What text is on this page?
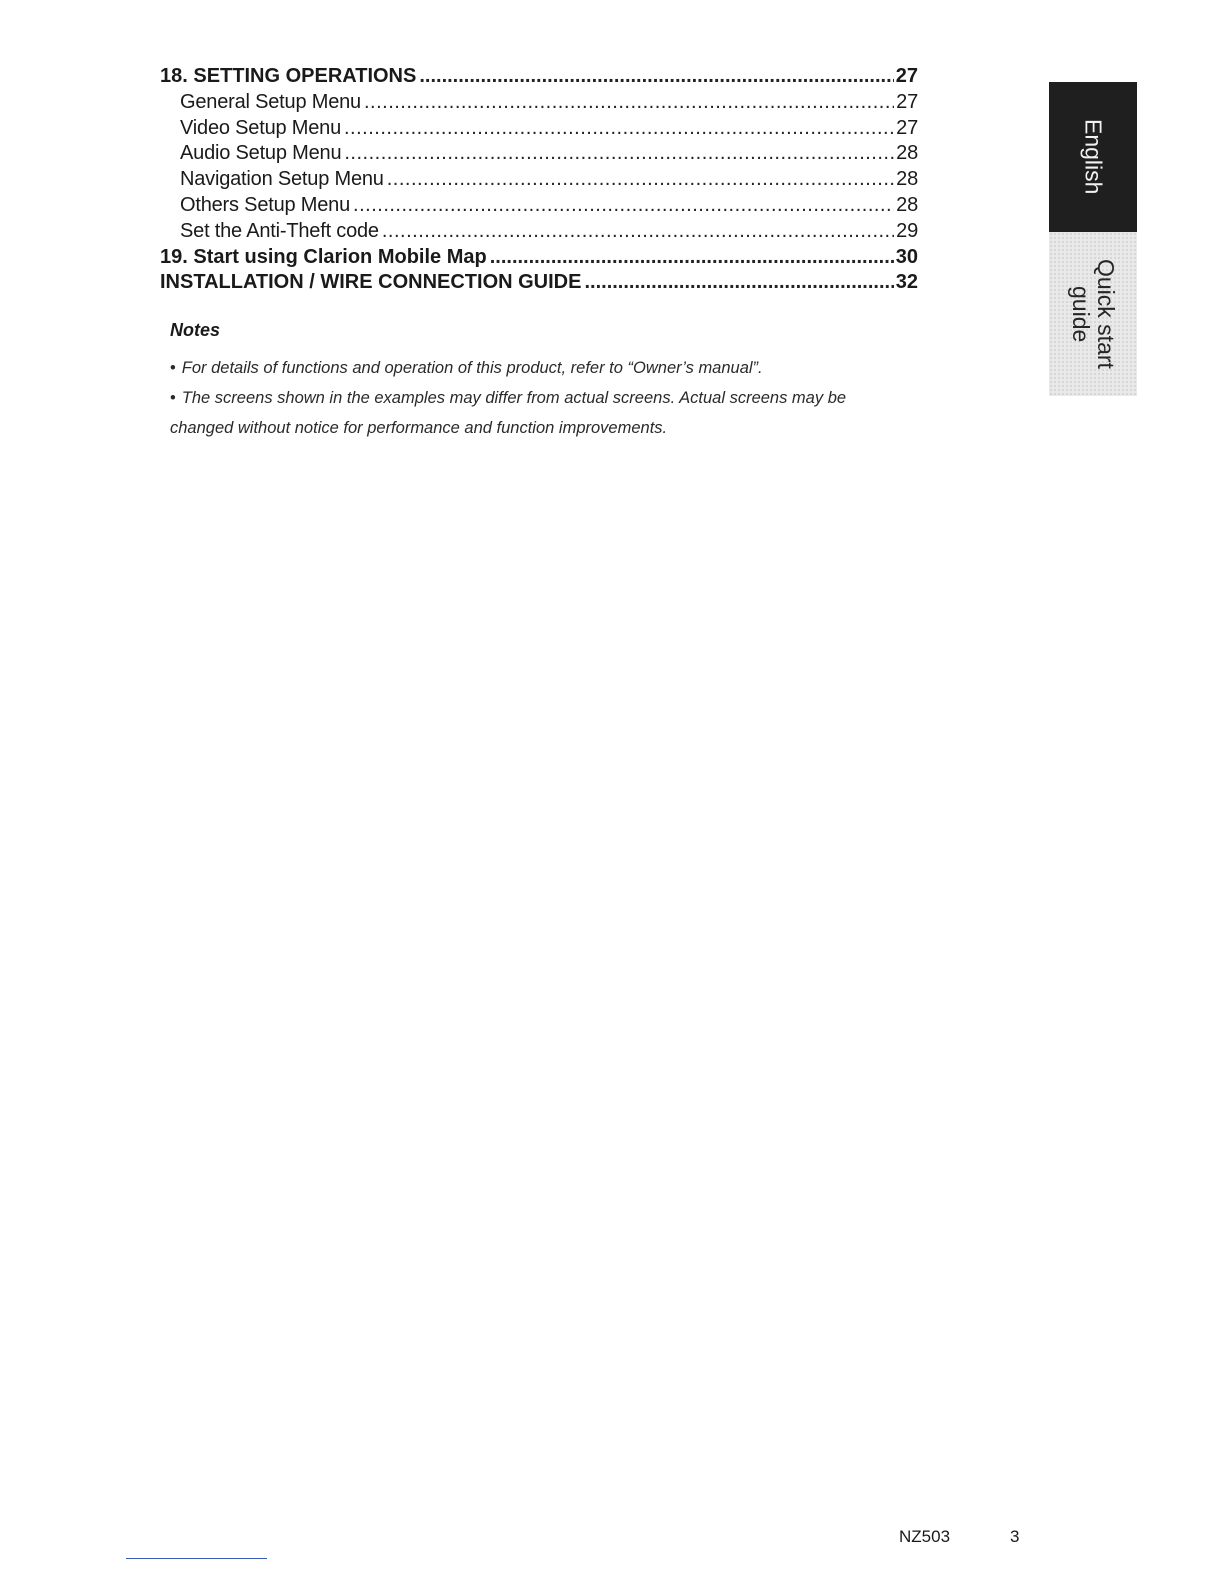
18. SETTING OPERATIONS .....	27
General Setup Menu .....	27
Video Setup Menu .....	27
Audio Setup Menu .....	28
Navigation Setup Menu .....	28
Others Setup Menu .....	28
Set the Anti-Theft code .....	29
19. Start using Clarion Mobile Map .....	30
INSTALLATION / WIRE CONNECTION GUIDE .....	32
Notes

• For details of functions and operation of this product, refer to “Owner’s manual”.

• The screens shown in the examples may differ from actual screens. Actual screens may be changed without notice for performance and function improvements.

English
Quick start
guide
NZ503	3
